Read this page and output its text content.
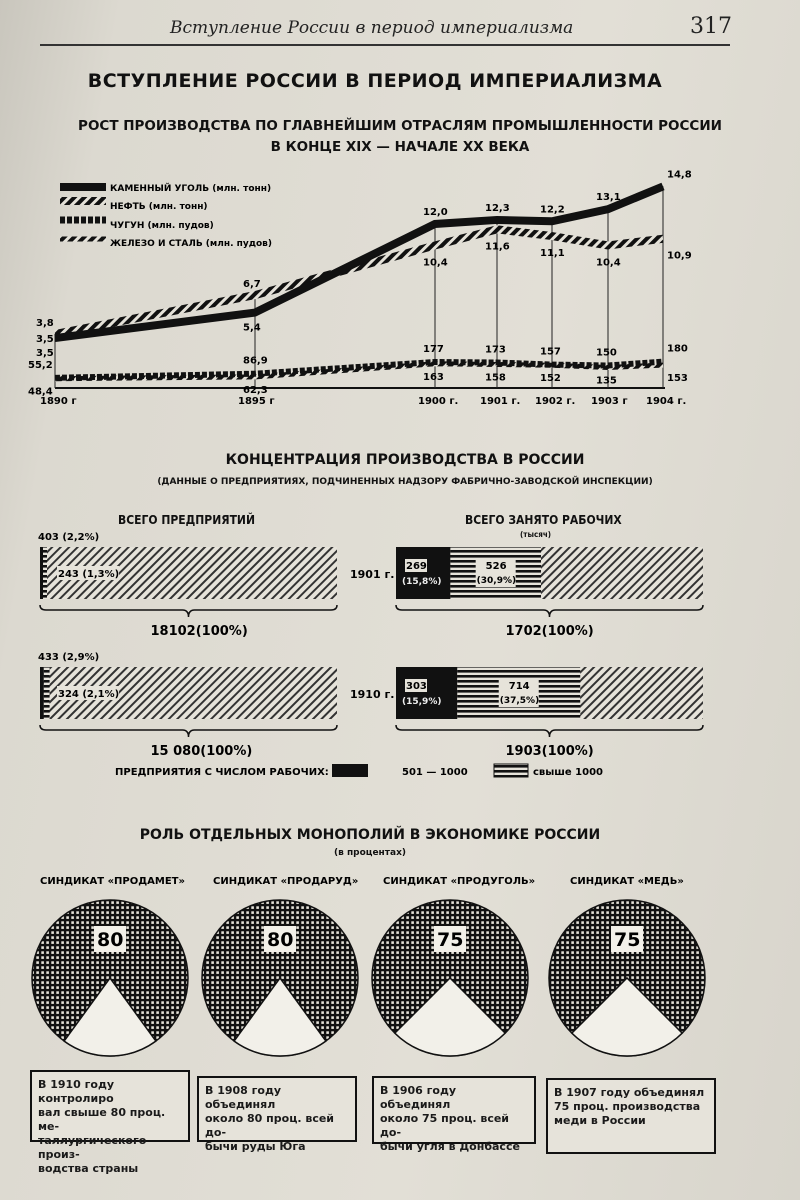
Вступление России в период империализма	317
ВСТУПЛЕНИЕ РОССИИ В ПЕРИОД ИМПЕРИАЛИЗМА
РОСТ ПРОИЗВОДСТВА ПО ГЛАВНЕЙШИМ ОТРАСЛЯМ ПРОМЫШЛЕННОСТИ РОССИИ
В КОНЦЕ XIX — НАЧАЛЕ XX ВЕКА
КАМЕННЫЙ УГОЛЬ (млн. тонн)
НЕФТЬ (млн. тонн)
ЧУГУН (млн. пудов)
ЖЕЛЕЗО И СТАЛЬ (млн. пудов)
3,5
3,8
3,5
55,2
48,4
5,4
6,7
86,9
62,3
12,0
10,4
177
163
12,3
11,6
173
158
12,2
11,1
157
152
13,1
10,4
150
135
14,8
10,9
180
153
1890 г	1895 г	1900 г. 1901 г. 1902 г. 1903 г 1904 г.
КОНЦЕНТРАЦИЯ ПРОИЗВОДСТВА В РОССИИ
(ДАННЫЕ О ПРЕДПРИЯТИЯХ, ПОДЧИНЕННЫХ НАДЗОРУ ФАБРИЧНО-ЗАВОДСКОЙ ИНСПЕКЦИИ)
ВСЕГО ПРЕДПРИЯТИЙ	ВСЕГО ЗАНЯТО РАБОЧИХ
(тысяч)
403 (2,2%)
243 (1,3%)
18102(100%)
1901 г.
269
(15,8%)
526
(30,9%)
1702(100%)
433 (2,9%)
324 (2,1%)
15 080(100%)
1910 г.
303
(15,9%)
714
(37,5%)
1903(100%)
ПРЕДПРИЯТИЯ С ЧИСЛОМ РАБОЧИХ:	501 — 1000	свыше 1000
РОЛЬ ОТДЕЛЬНЫХ МОНОПОЛИЙ В ЭКОНОМИКЕ РОССИИ
(в процентах)
СИНДИКАТ «ПРОДАМЕТ»
80
СИНДИКАТ «ПРОДАРУД»
80
СИНДИКАТ «ПРОДУГОЛЬ»
75
СИНДИКАТ «МЕДЬ»
75
В 1910 году контролиро
вал свыше 80 проц. ме-
таллургического произ-
водства страны
В 1908 году объединял
около 80 проц. всей до-
бычи руды Юга
В 1906 году объединял
около 75 проц. всей до-
бычи угля в Донбассе
В 1907 году объединял
75 проц. производства
меди в России
